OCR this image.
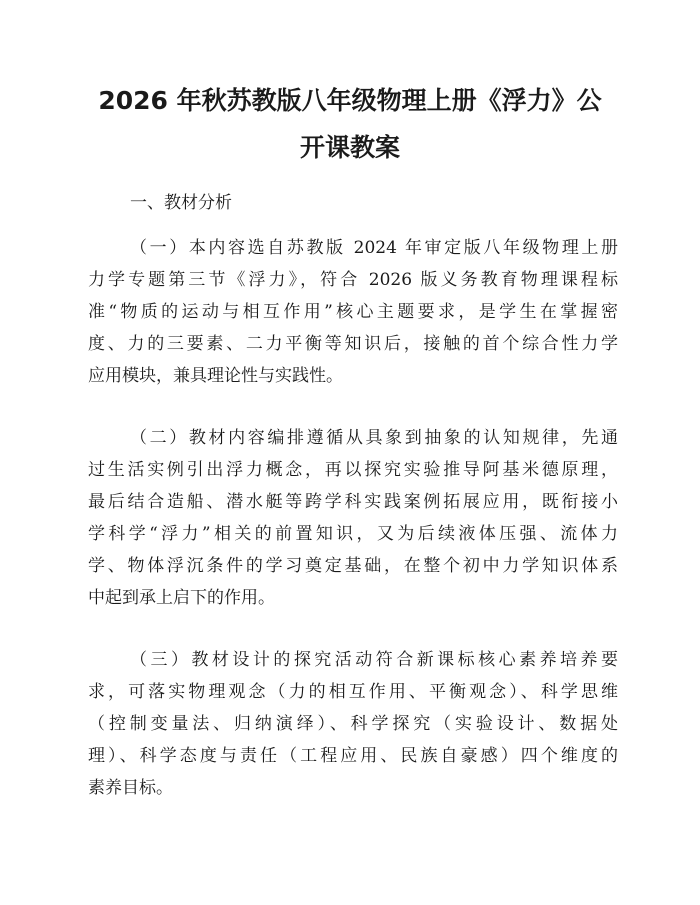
2026 年秋苏教版八年级物理上册《浮力》公
开课教案

一、教材分析

（一）本内容选自苏教版 2024 年审定版八年级物理上册
力学专题第三节《浮力》，符合 2026 版义务教育物理课程标
准“物质的运动与相互作用”核心主题要求，是学生在掌握密
度、力的三要素、二力平衡等知识后，接触的首个综合性力学
应用模块，兼具理论性与实践性。
（二）教材内容编排遵循从具象到抽象的认知规律，先通
过生活实例引出浮力概念，再以探究实验推导阿基米德原理，
最后结合造船、潜水艇等跨学科实践案例拓展应用，既衔接小
学科学“浮力”相关的前置知识，又为后续液体压强、流体力
学、物体浮沉条件的学习奠定基础，在整个初中力学知识体系
中起到承上启下的作用。
（三）教材设计的探究活动符合新课标核心素养培养要
求，可落实物理观念（力的相互作用、平衡观念）、科学思维
（控制变量法、归纳演绎）、科学探究（实验设计、数据处
理）、科学态度与责任（工程应用、民族自豪感）四个维度的
素养目标。
